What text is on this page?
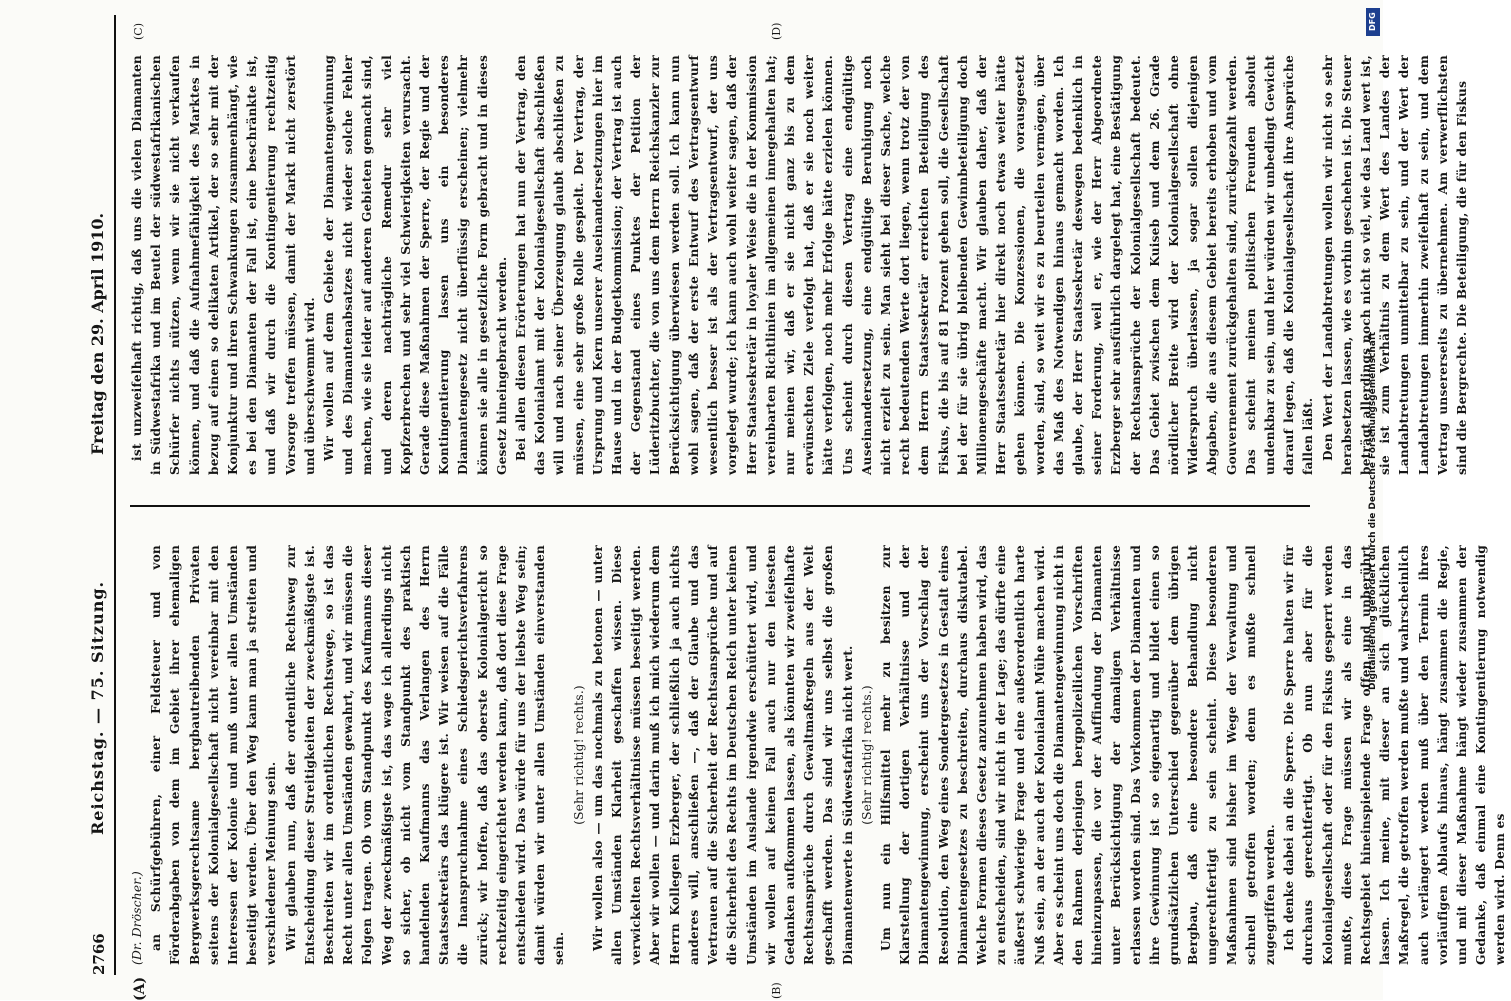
2766
Reichstag. — 75. Sitzung.
Freitag den 29. April 1910.
(A)	(B)
(C)	(D)

(Dr. Dröscher.) an Schürfgebühren, einer Feldsteuer und von Förderabgaben von dem im Gebiet ihrer ehemaligen Bergwerksgerechtsame bergbautreibenden Privaten seitens der Kolonialgesellschaft nicht vereinbar mit den Interessen der Kolonie und muß unter allen Umständen beseitigt werden. Über den Weg kann man ja streiten und verschiedener Meinung sein. Wir glauben nun, daß der ordentliche Rechtsweg zur Entscheidung dieser Streitigkeiten der zweckmäßigste ist. Beschreiten wir im ordentlichen Rechtswege, so ist das Recht unter allen Umständen gewahrt, und wir müssen die Folgen tragen. Ob vom Standpunkt des Kaufmanns dieser Weg der zweckmäßigste ist, das wage ich allerdings nicht so sicher, ob nicht vom Standpunkt des praktisch handelnden Kaufmanns das Verlangen des Herrn Staatssekretärs das klügere ist. Wir weisen auf die Fälle die Inanspruchnahme eines Schiedsgerichtsverfahrens zurück; wir hoffen, daß das oberste Kolonialgericht so rechtzeitig eingerichtet werden kann, daß dort diese Frage entschieden wird. Das würde für uns der liebste Weg sein; damit würden wir unter allen Umständen einverstanden sein.

(Sehr richtig! rechts.) Wir wollen also — um das nochmals zu betonen — unter allen Umständen Klarheit geschaffen wissen. Diese verwickelten Rechtsverhältnisse müssen beseitigt werden. Aber wir wollen — und darin muß ich mich wiederum dem Herrn Kollegen Erzberger, der schließlich ja auch nichts anderes will, anschließen —, daß der Glaube und das Vertrauen auf die Sicherheit der Rechtsansprüche und auf die Sicherheit des Rechts im Deutschen Reich unter keinen Umständen im Auslande irgendwie erschüttert wird, und wir wollen auf keinen Fall auch nur den leisesten Gedanken aufkommen lassen, als könnten wir zweifelhafte Rechtsansprüche durch Gewaltmaßregeln aus der Welt geschafft werden. Das sind wir uns selbst die großen Diamantenwerte in Südwestafrika nicht wert. (Sehr richtig! rechts.) Um nun ein Hilfsmittel mehr zu besitzen zur Klarstellung der dortigen Verhältnisse und der Diamantengewinnung, erscheint uns der Vorschlag der Resolution, den Weg eines Sondergesetzes in Gestalt eines Diamantengesetzes zu beschreiten, durchaus diskutabel. Welche Formen dieses Gesetz anzunehmen haben wird, das zu entscheiden, sind wir nicht in der Lage; das dürfte eine äußerst schwierige Frage und eine außerordentlich harte Nuß sein, an der auch der Kolonialamt Mühe machen wird. Aber es scheint uns doch die Diamantengewinnung nicht in den Rahmen derjenigen bergpolizeilichen Vorschriften hineinzupassen, die vor der Auffindung der Diamanten unter Berücksichtigung der damaligen Verhältnisse erlassen worden sind. Das Vorkommen der Diamanten und ihre Gewinnung ist so eigenartig und bildet einen so grundsätzlichen Unterschied gegenüber dem übrigen Bergbau, daß eine besondere Behandlung nicht ungerechtfertigt zu sein scheint. Diese besonderen Maßnahmen sind bisher im Wege der Verwaltung und schnell getroffen worden; denn es mußte schnell zugegriffen werden. Ich denke dabei an die Sperre. Die Sperre halten wir für durchaus gerechtfertigt. Ob nun aber für die Kolonialgesellschaft oder für den Fiskus gesperrt werden mußte, diese Frage müssen wir als eine in das Rechtsgebiet hineinspielende Frage offen und unberührt lassen. Ich meine, mit dieser an sich glücklichen Maßregel, die getroffen werden mußte und wahrscheinlich auch verlängert werden muß über den Termin ihres vorläufigen Ablaufs hinaus, hängt zusammen die Regie, und mit dieser Maßnahme hängt wieder zusammen der Gedanke, daß einmal eine Kontingentierung notwendig werden wird. Denn es

ist unzweifelhaft richtig, daß uns die vielen Diamanten in Südwestafrika und im Beutel der südwestafrikanischen Schürfer nichts nützen, wenn wir sie nicht verkaufen können, und daß die Aufnahmefähigkeit des Marktes in bezug auf einen so delikaten Artikel, der so sehr mit der Konjunktur und ihren Schwankungen zusammenhängt, wie es bei den Diamanten der Fall ist, eine beschränkte ist, und daß wir durch die Kontingentierung rechtzeitig Vorsorge treffen müssen, damit der Markt nicht zerstört und überschwemmt wird. Wir wollen auf dem Gebiete der Diamantengewinnung und des Diamantenabsatzes nicht wieder solche Fehler machen, wie sie leider auf anderen Gebieten gemacht sind, und deren nachträgliche Remedur sehr viel Kopfzerbrechen und sehr viel Schwierigkeiten verursacht. Gerade diese Maßnahmen der Sperre, der Regie und der Kontingentierung lassen uns ein besonderes Diamantengesetz nicht überflüssig erscheinen; vielmehr können sie alle in gesetzliche Form gebracht und in dieses Gesetz hineingebracht werden. Bei allen diesen Erörterungen hat nun der Vertrag, den das Kolonialamt mit der Kolonialgesellschaft abschließen will und nach seiner Überzeugung glaubt abschließen zu müssen, eine sehr große Rolle gespielt. Der Vertrag, der Ursprung und Kern unserer Auseinandersetzungen hier im Hause und in der Budgetkommission; der Vertrag ist auch der Gegenstand eines Punktes der Petition der Lüderitzbuchter, die von uns dem Herrn Reichskanzler zur Berücksichtigung überwiesen werden soll. Ich kann nun wohl sagen, daß der erste Entwurf des Vertragsentwurf wesentlich besser ist als der Vertragsentwurf, der uns vorgelegt wurde; ich kann auch wohl weiter sagen, daß der Herr Staatssekretär in loyaler Weise die in der Kommission vereinbarten Richtlinien im allgemeinen innegehalten hat; nur meinen wir, daß er sie nicht ganz bis zu dem erwünschten Ziele verfolgt hat, daß er sie noch weiter hätte verfolgen, noch mehr Erfolge hätte erzielen können. Uns scheint durch diesen Vertrag eine endgültige Auseinandersetzung, eine endgültige Beruhigung noch nicht erzielt zu sein. Man sieht bei dieser Sache, welche recht bedeutenden Werte dort liegen, wenn trotz der von dem Herrn Staatssekretär erreichten Beteiligung des Fiskus, die bis auf 81 Prozent gehen soll, die Gesellschaft bei der für sie übrig bleibenden Gewinnbeteiligung doch Millionengeschäfte macht. Wir glauben daher, daß der Herr Staatssekretär hier direkt noch etwas weiter hätte gehen können. Die Konzessionen, die vorausgesetzt worden, sind, so weit wir es zu beurteilen vermögen, über das Maß des Notwendigen hinaus gemacht worden. Ich glaube, der Herr Staatssekretär deswegen bedenklich in seiner Forderung, weil er, wie der Herr Abgeordnete Erzberger sehr ausführlich dargelegt hat, eine Bestätigung der Rechtsansprüche der Kolonialgesellschaft bedeutet. Das Gebiet zwischen dem Kuiseb und dem 26. Grade nördlicher Breite wird der Kolonialgesellschaft ohne Widerspruch überlassen, ja sogar sollen diejenigen Abgaben, die aus diesem Gebiet bereits erhoben und vom Gouvernement zurückgehalten sind, zurückgezahlt werden. Das scheint meinen politischen Freunden absolut undenkbar zu sein, und hier würden wir unbedingt Gewicht darauf legen, daß die Kolonialgesellschaft ihre Ansprüche fallen läßt. Den Wert der Landabtretungen wollen wir nicht so sehr herabsetzen lassen, wie es vorhin geschehen ist. Die Steuer beträgt allerdings noch nicht so viel, wie das Land wert ist, sie ist zum Verhältnis zu dem Wert des Landes der Landabtretungen unmittelbar zu sein, und der Wert der Landabtretungen immerhin zweifelhaft zu sein, und dem Vertrag unsererseits zu übernehmen. Am verwerflichsten sind die Bergrechte. Die Beteiligung, die für den Fiskus

DFG
Digitalisierung gefördert durch die Deutsche Forschungsgemeinschaft
